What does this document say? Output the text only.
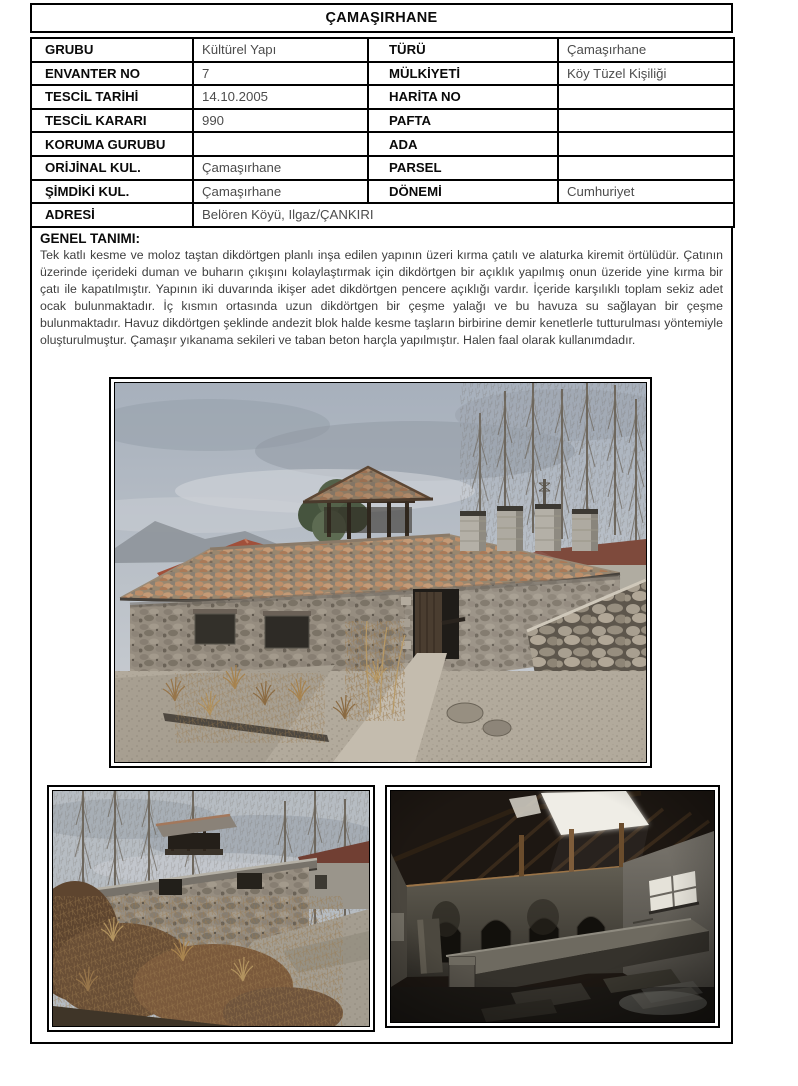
ÇAMAŞIRHANE
GRUBU	Kültürel Yapı	TÜRÜ	Çamaşırhane
ENVANTER NO	7	MÜLKİYETİ	Köy Tüzel Kişiliği
TESCİL TARİHİ	14.10.2005	HARİTA NO	
TESCİL KARARI	990	PAFTA	
KORUMA GURUBU		ADA	
ORİJİNAL KUL.	Çamaşırhane	PARSEL	
ŞİMDİKİ KUL.	Çamaşırhane	DÖNEMİ	Cumhuriyet
ADRESİ	Belören Köyü, Ilgaz/ÇANKIRI		
GENEL TANIMI:
Tek katlı kesme ve moloz taştan dikdörtgen planlı inşa edilen yapının üzeri kırma çatılı ve alaturka kiremit örtülüdür. Çatının üzerinde içerideki duman ve buharın çıkışını kolaylaştırmak için dikdörtgen bir açıklık yapılmış onun üzeride yine kırma bir çatı ile kapatılmıştır. Yapının iki duvarında ikişer adet dikdörtgen pencere açıklığı vardır. İçeride karşılıklı toplam sekiz adet ocak bulunmaktadır. İç kısmın ortasında uzun dikdörtgen bir çeşme yalağı ve bu havuza su sağlayan bir çeşme bulunmaktadır. Havuz dikdörtgen şeklinde andezit blok halde kesme taşların birbirine demir kenetlerle tutturulması yöntemiyle oluşturulmuştur. Çamaşır yıkanama sekileri ve taban beton harçla yapılmıştır. Halen faal olarak kullanımdadır.
